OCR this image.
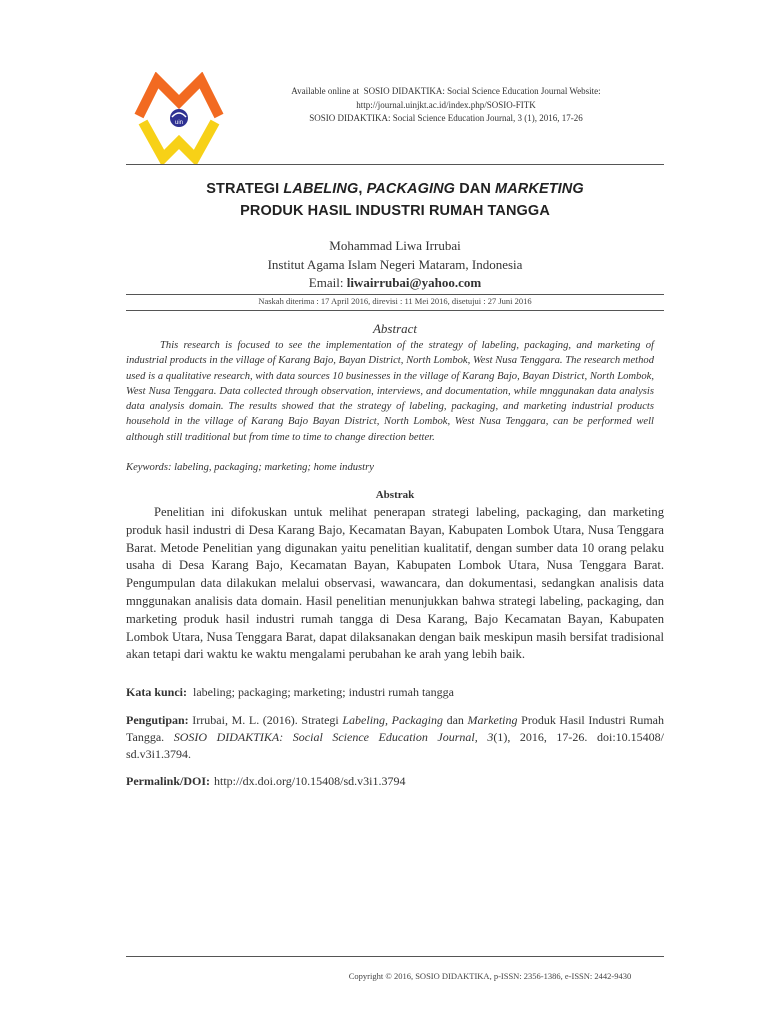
uin
Available online at SOSIO DIDAKTIKA: Social Science Education Journal Website:
http://journal.uinjkt.ac.id/index.php/SOSIO-FITK
SOSIO DIDAKTIKA: Social Science Education Journal, 3 (1), 2016, 17-26
STRATEGI LABELING, PACKAGING DAN MARKETING
PRODUK HASIL INDUSTRI RUMAH TANGGA
Mohammad Liwa Irrubai
Institut Agama Islam Negeri Mataram, Indonesia
Email: liwairrubai@yahoo.com
Naskah diterima : 17 April 2016, direvisi : 11 Mei 2016, disetujui : 27 Juni 2016
Abstract

This research is focused to see the implementation of the strategy of labeling, packaging, and marketing of industrial products in the village of Karang Bajo, Bayan District, North Lombok, West Nusa Tenggara. The research method used is a qualitative research, with data sources 10 businesses in the village of Karang Bajo, Bayan District, North Lombok, West Nusa Tenggara. Data collected through observation, interviews, and documentation, while mnggunakan data analysis data analysis domain. The results showed that the strategy of labeling, packaging, and marketing industrial products household in the village of Karang Bajo Bayan District, North Lombok, West Nusa Tenggara, can be performed well although still traditional but from time to time to change direction better.

Keywords: labeling, packaging; marketing; home industry
Abstrak

Penelitian ini difokuskan untuk melihat penerapan strategi labeling, packaging, dan marketing produk hasil industri di Desa Karang Bajo, Kecamatan Bayan, Kabupaten Lombok Utara, Nusa Tenggara Barat. Metode Penelitian yang digunakan yaitu penelitian kualitatif, dengan sumber data 10 orang pelaku usaha di Desa Karang Bajo, Kecamatan Bayan, Kabupaten Lombok Utara, Nusa Tenggara Barat. Pengumpulan data dilakukan melalui observasi, wawancara, dan dokumentasi, sedangkan analisis data mnggunakan analisis data domain. Hasil penelitian menunjukkan bahwa strategi labeling, packaging, dan marketing produk hasil industri rumah tangga di Desa Karang, Bajo Kecamatan Bayan, Kabupaten Lombok Utara, Nusa Tenggara Barat, dapat dilaksanakan dengan baik meskipun masih bersifat tradisional akan tetapi dari waktu ke waktu mengalami perubahan ke arah yang lebih baik.

Kata kunci: labeling; packaging; marketing; industri rumah tangga

Pengutipan: Irrubai, M. L. (2016). Strategi Labeling, Packaging dan Marketing Produk Hasil Industri Rumah Tangga. SOSIO DIDAKTIKA: Social Science Education Journal, 3(1), 2016, 17-26. doi:10.15408/ sd.v3i1.3794.

Permalink/DOI: http://dx.doi.org/10.15408/sd.v3i1.3794
Copyright © 2016, SOSIO DIDAKTIKA, p-ISSN: 2356-1386, e-ISSN: 2442-9430
